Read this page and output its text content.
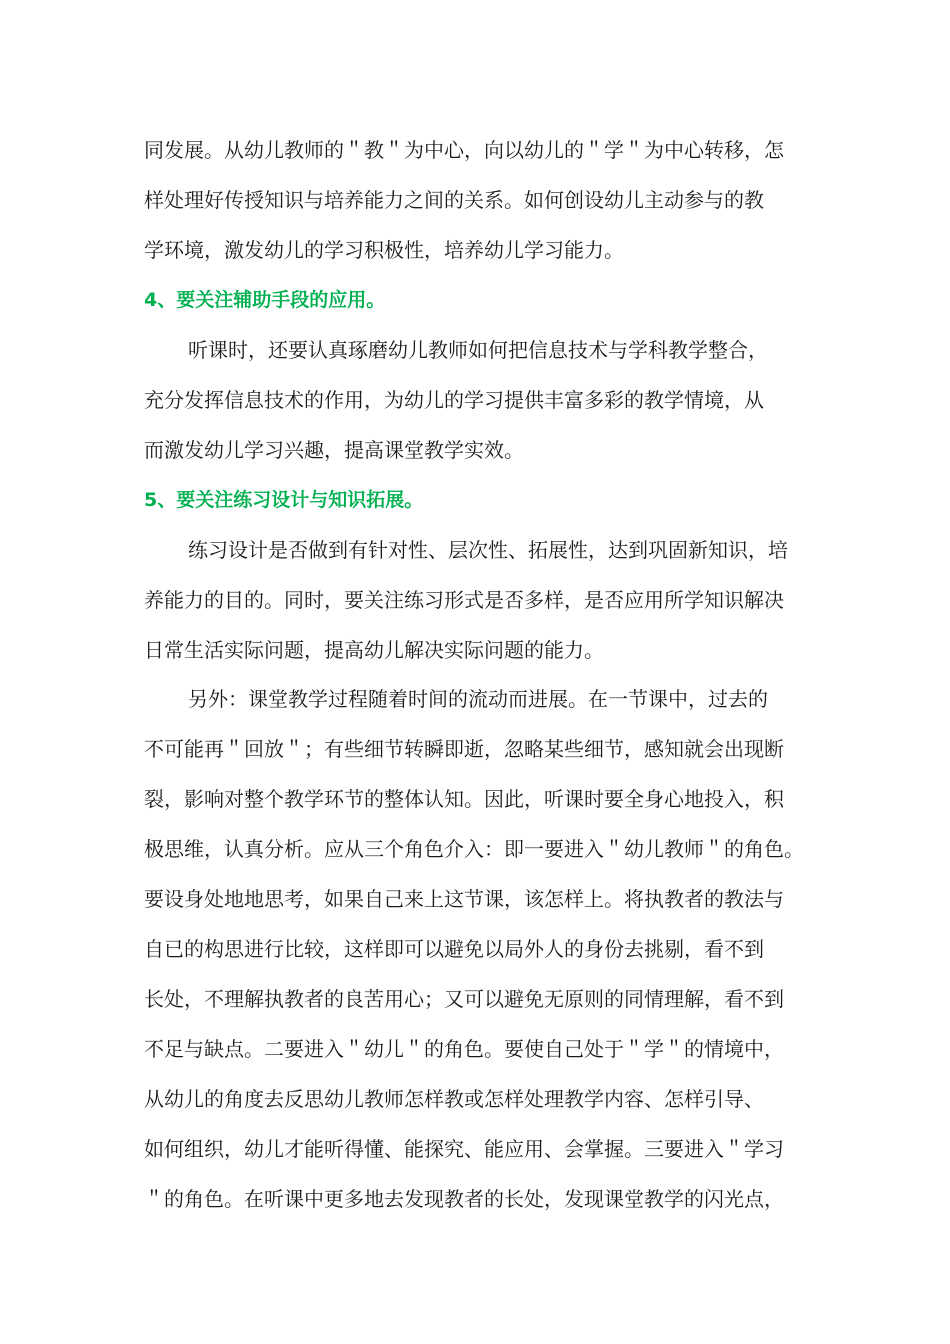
同发展。从幼儿教师的＂教＂为中心，向以幼儿的＂学＂为中心转移，怎
样处理好传授知识与培养能力之间的关系。如何创设幼儿主动参与的教
学环境，激发幼儿的学习积极性，培养幼儿学习能力。
4、要关注辅助手段的应用。
听课时，还要认真琢磨幼儿教师如何把信息技术与学科教学整合，
充分发挥信息技术的作用，为幼儿的学习提供丰富多彩的教学情境，从
而激发幼儿学习兴趣，提高课堂教学实效。
5、要关注练习设计与知识拓展。
练习设计是否做到有针对性、层次性、拓展性，达到巩固新知识，培
养能力的目的。同时，要关注练习形式是否多样，是否应用所学知识解决
日常生活实际问题，提高幼儿解决实际问题的能力。
另外：课堂教学过程随着时间的流动而进展。在一节课中，过去的
不可能再＂回放＂；有些细节转瞬即逝，忽略某些细节，感知就会出现断
裂，影响对整个教学环节的整体认知。因此，听课时要全身心地投入，积
极思维，认真分析。应从三个角色介入：即一要进入＂幼儿教师＂的角色。
要设身处地地思考，如果自己来上这节课，该怎样上。将执教者的教法与
自已的构思进行比较，这样即可以避免以局外人的身份去挑剔，看不到
长处，不理解执教者的良苦用心；又可以避免无原则的同情理解，看不到
不足与缺点。二要进入＂幼儿＂的角色。要使自己处于＂学＂的情境中，
从幼儿的角度去反思幼儿教师怎样教或怎样处理教学内容、怎样引导、
如何组织，幼儿才能听得懂、能探究、能应用、会掌握。三要进入＂学习
＂的角色。在听课中更多地去发现教者的长处，发现课堂教学的闪光点，
